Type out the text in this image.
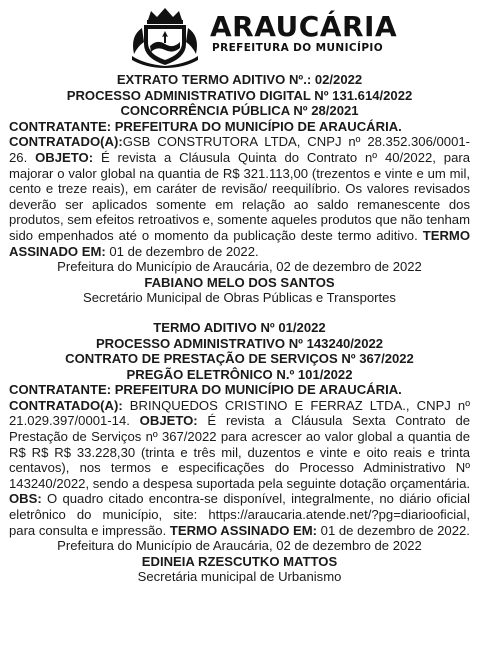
ARAUCÁRIA
PREFEITURA DO MUNICÍPIO
EXTRATO TERMO ADITIVO Nº.: 02/2022
PROCESSO ADMINISTRATIVO DIGITAL Nº 131.614/2022
CONCORRÊNCIA PÚBLICA Nº 28/2021
CONTRATANTE: PREFEITURA DO MUNICÍPIO DE ARAUCÁRIA.
CONTRATADO(A):GSB CONSTRUTORA LTDA, CNPJ nº 28.352.306/0001-26. OBJETO: É revista a Cláusula Quinta do Contrato nº 40/2022, para majorar o valor global na quantia de R$ 321.113,00 (trezentos e vinte e um mil, cento e treze reais), em caráter de revisão/ reequilíbrio. Os valores revisados deverão ser aplicados somente em relação ao saldo remanescente dos produtos, sem efeitos retroativos e, somente aqueles produtos que não tenham sido empenhados até o momento da publicação deste termo aditivo. TERMO ASSINADO EM: 01 de dezembro de 2022.
Prefeitura do Município de Araucária, 02 de dezembro de 2022
FABIANO MELO DOS SANTOS
Secretário Municipal de Obras Públicas e Transportes
TERMO ADITIVO Nº 01/2022
PROCESSO ADMINISTRATIVO Nº 143240/2022
CONTRATO DE PRESTAÇÃO DE SERVIÇOS Nº 367/2022
PREGÃO ELETRÔNICO N.º 101/2022
CONTRATANTE: PREFEITURA DO MUNICÍPIO DE ARAUCÁRIA.
CONTRATADO(A): BRINQUEDOS CRISTINO E FERRAZ LTDA., CNPJ nº 21.029.397/0001-14. OBJETO: É revista a Cláusula Sexta Contrato de Prestação de Serviços nº 367/2022 para acrescer ao valor global a quantia de R$ R$ R$ 33.228,30 (trinta e três mil, duzentos e vinte e oito reais e trinta centavos), nos termos e especificações do Processo Administrativo Nº 143240/2022, sendo a despesa suportada pela seguinte dotação orçamentária. OBS: O quadro citado encontra-se disponível, integralmente, no diário oficial eletrônico do município, site: https://araucaria.atende.net/?pg=diariooficial, para consulta e impressão. TERMO ASSINADO EM: 01 de dezembro de 2022.
Prefeitura do Município de Araucária, 02 de dezembro de 2022
EDINEIA RZESCUTKO MATTOS
Secretária municipal de Urbanismo
